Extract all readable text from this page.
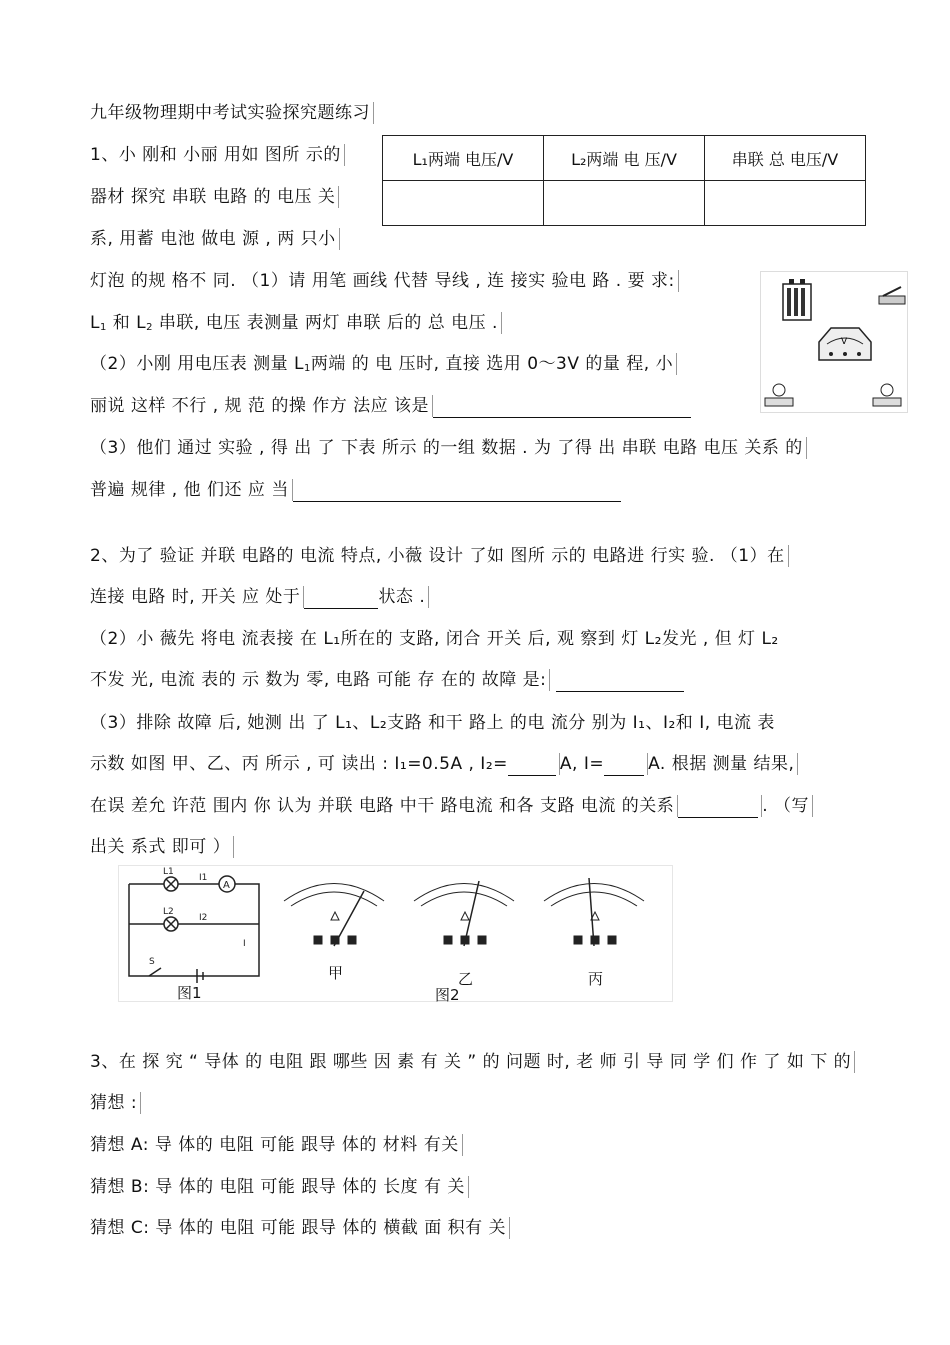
九年级物理期中考试实验探究题练习
1、小 刚和 小丽 用如 图所 示的
器材 探究 串联 电路 的 电压 关
系, 用蓄 电池 做电 源 , 两 只小
L₁两端 电压/V	L₂两端 电 压/V	串联 总 电压/V

灯泡 的规 格不 同. （1）请 用笔 画线 代替 导线 , 连 接实 验电 路 . 要 求:
$L_1$ 和 $L_2$ 串联, 电压 表测量 两灯 串联 后的 总 电压 .
（2）小刚 用电压表 测量 $L_1$两端 的 电 压时, 直接 选用 0～3V 的量 程, 小
丽说 这样 不行 , 规 范 的操 作方 法应 该是
V
（3）他们 通过 实验 , 得 出 了 下表 所示 的一组 数据 . 为 了得 出 串联 电路 电压 关系 的
普遍 规律 , 他 们还 应 当
2、为了 验证 并联 电路的 电流 特点, 小薇 设计 了如 图所 示的 电路进 行实 验. （1）在
连接 电路 时, 开关 应 处于	状态 .
（2）小 薇先 将电 流表接 在 L₁所在的 支路, 闭合 开关 后, 观 察到 灯 L₂发光 , 但 灯 L₂
不发 光, 电流 表的 示 数为 零, 电路 可能 存 在的 故障 是:
（3）排除 故障 后, 她测 出 了 L₁、L₂支路 和干 路上 的电 流分 别为 I₁、I₂和 I, 电流 表
示数 如图 甲、乙、丙 所示 , 可 读出 : I₁=0.5A , I₂=	A, I=	A. 根据 测量 结果,
在误 差允 许范 围内 你 认为 并联 电路 中干 路电流 和各 支路 电流 的关系	. （写
出关 系式 即可 ）
A
L1
L2
S
I1
I2
I
甲	乙	丙
图1	图2
3、在 探 究 “ 导体 的 电阻 跟 哪些 因 素 有 关 ” 的 问题 时, 老 师 引 导 同 学 们 作 了 如 下 的
猜想 :
猜想 A: 导 体的 电阻 可能 跟导 体的 材料 有关
猜想 B: 导 体的 电阻 可能 跟导 体的 长度 有 关
猜想 C: 导 体的 电阻 可能 跟导 体的 横截 面 积有 关
